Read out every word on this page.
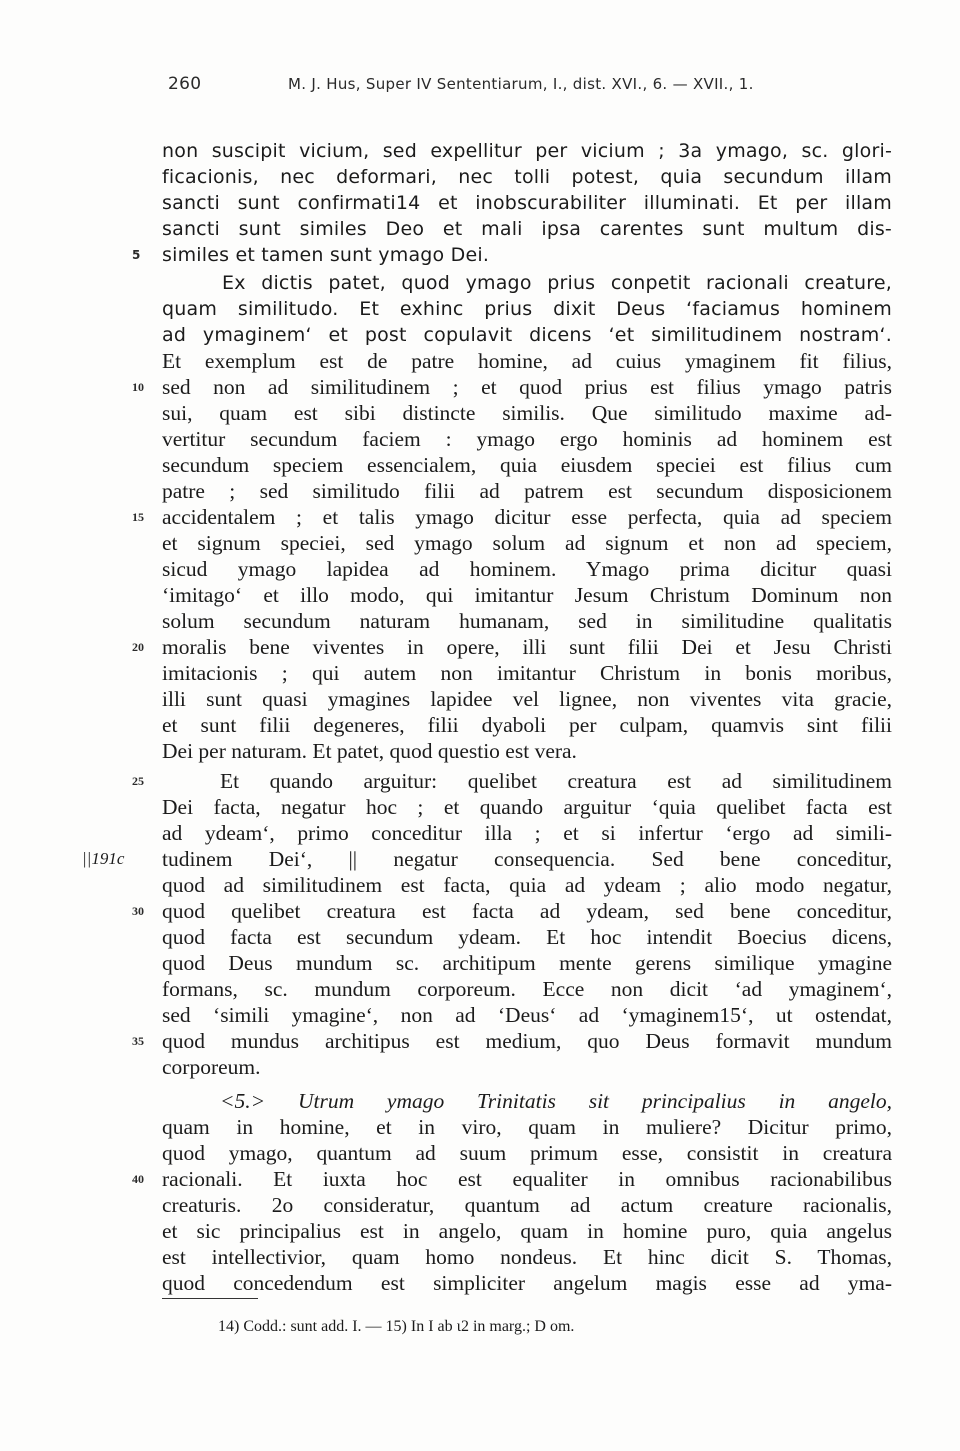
260	M. J. Hus, Super IV Sententiarum, I., dist. XVI., 6. — XVII., 1.
non suscipit vicium, sed expellitur per vicium ; 3a ymago, sc. glori-
ficacionis, nec deformari, nec tolli potest, quia secundum illam
sancti sunt confirmati14 et inobscurabiliter illuminati. Et per illam
sancti sunt similes Deo et mali ipsa carentes sunt multum dis-
5 similes et tamen sunt ymago Dei.
Ex dictis patet, quod ymago prius conpetit racionali creature,
quam similitudo. Et exhinc prius dixit Deus ‘faciamus hominem
ad ymaginem‘ et post copulavit dicens ‘et similitudinem nostram‘.
Et exemplum est de patre homine, ad cuius ymaginem fit filius,
10 sed non ad similitudinem ; et quod prius est filius ymago patris
sui, quam est sibi distincte similis. Que similitudo maxime ad-
vertitur secundum faciem : ymago ergo hominis ad hominem est
secundum speciem essencialem, quia eiusdem speciei est filius cum
patre ; sed similitudo filii ad patrem est secundum disposicionem
15 accidentalem ; et talis ymago dicitur esse perfecta, quia ad speciem
et signum speciei, sed ymago solum ad signum et non ad speciem,
sicud ymago lapidea ad hominem. Ymago prima dicitur quasi
‘imitago‘ et illo modo, qui imitantur Jesum Christum Dominum non
solum secundum naturam humanam, sed in similitudine qualitatis
20 moralis bene viventes in opere, illi sunt filii Dei et Jesu Christi
imitacionis ; qui autem non imitantur Christum in bonis moribus,
illi sunt quasi ymagines lapidee vel lignee, non viventes vita gracie,
et sunt filii degeneres, filii dyaboli per culpam, quamvis sint filii
Dei per naturam. Et patet, quod questio est vera.
25	Et quando arguitur: quelibet creatura est ad similitudinem
Dei facta, negatur hoc ; et quando arguitur ‘quia quelibet facta est
ad ydeam‘, primo conceditur illa ; et si infertur ‘ergo ad simili-
||191c tudinem Dei‘, || negatur consequencia. Sed bene conceditur,
quod ad similitudinem est facta, quia ad ydeam ; alio modo negatur,
30 quod quelibet creatura est facta ad ydeam, sed bene conceditur,
quod facta est secundum ydeam. Et hoc intendit Boecius dicens,
quod Deus mundum sc. architipum mente gerens similique ymagine
formans, sc. mundum corporeum. Ecce non dicit ‘ad ymaginem‘,
sed ‘simili ymagine‘, non ad ‘Deus‘ ad ‘ymaginem15‘, ut ostendat,
35 quod mundus architipus est medium, quo Deus formavit mundum
corporeum.
<5.> Utrum ymago Trinitatis sit principalius in angelo,
quam in homine, et in viro, quam in muliere? Dicitur primo,
quod ymago, quantum ad suum primum esse, consistit in creatura
40 racionali. Et iuxta hoc est equaliter in omnibus racionabilibus
creaturis. 2o consideratur, quantum ad actum creature racionalis,
et sic principalius est in angelo, quam in homine puro, quia angelus
est intellectivior, quam homo nondeus. Et hinc dicit S. Thomas,
quod concedendum est simpliciter angelum magis esse ad yma-
14) Codd.: sunt add. I. — 15) In I ab ι2 in marg.; D om.
